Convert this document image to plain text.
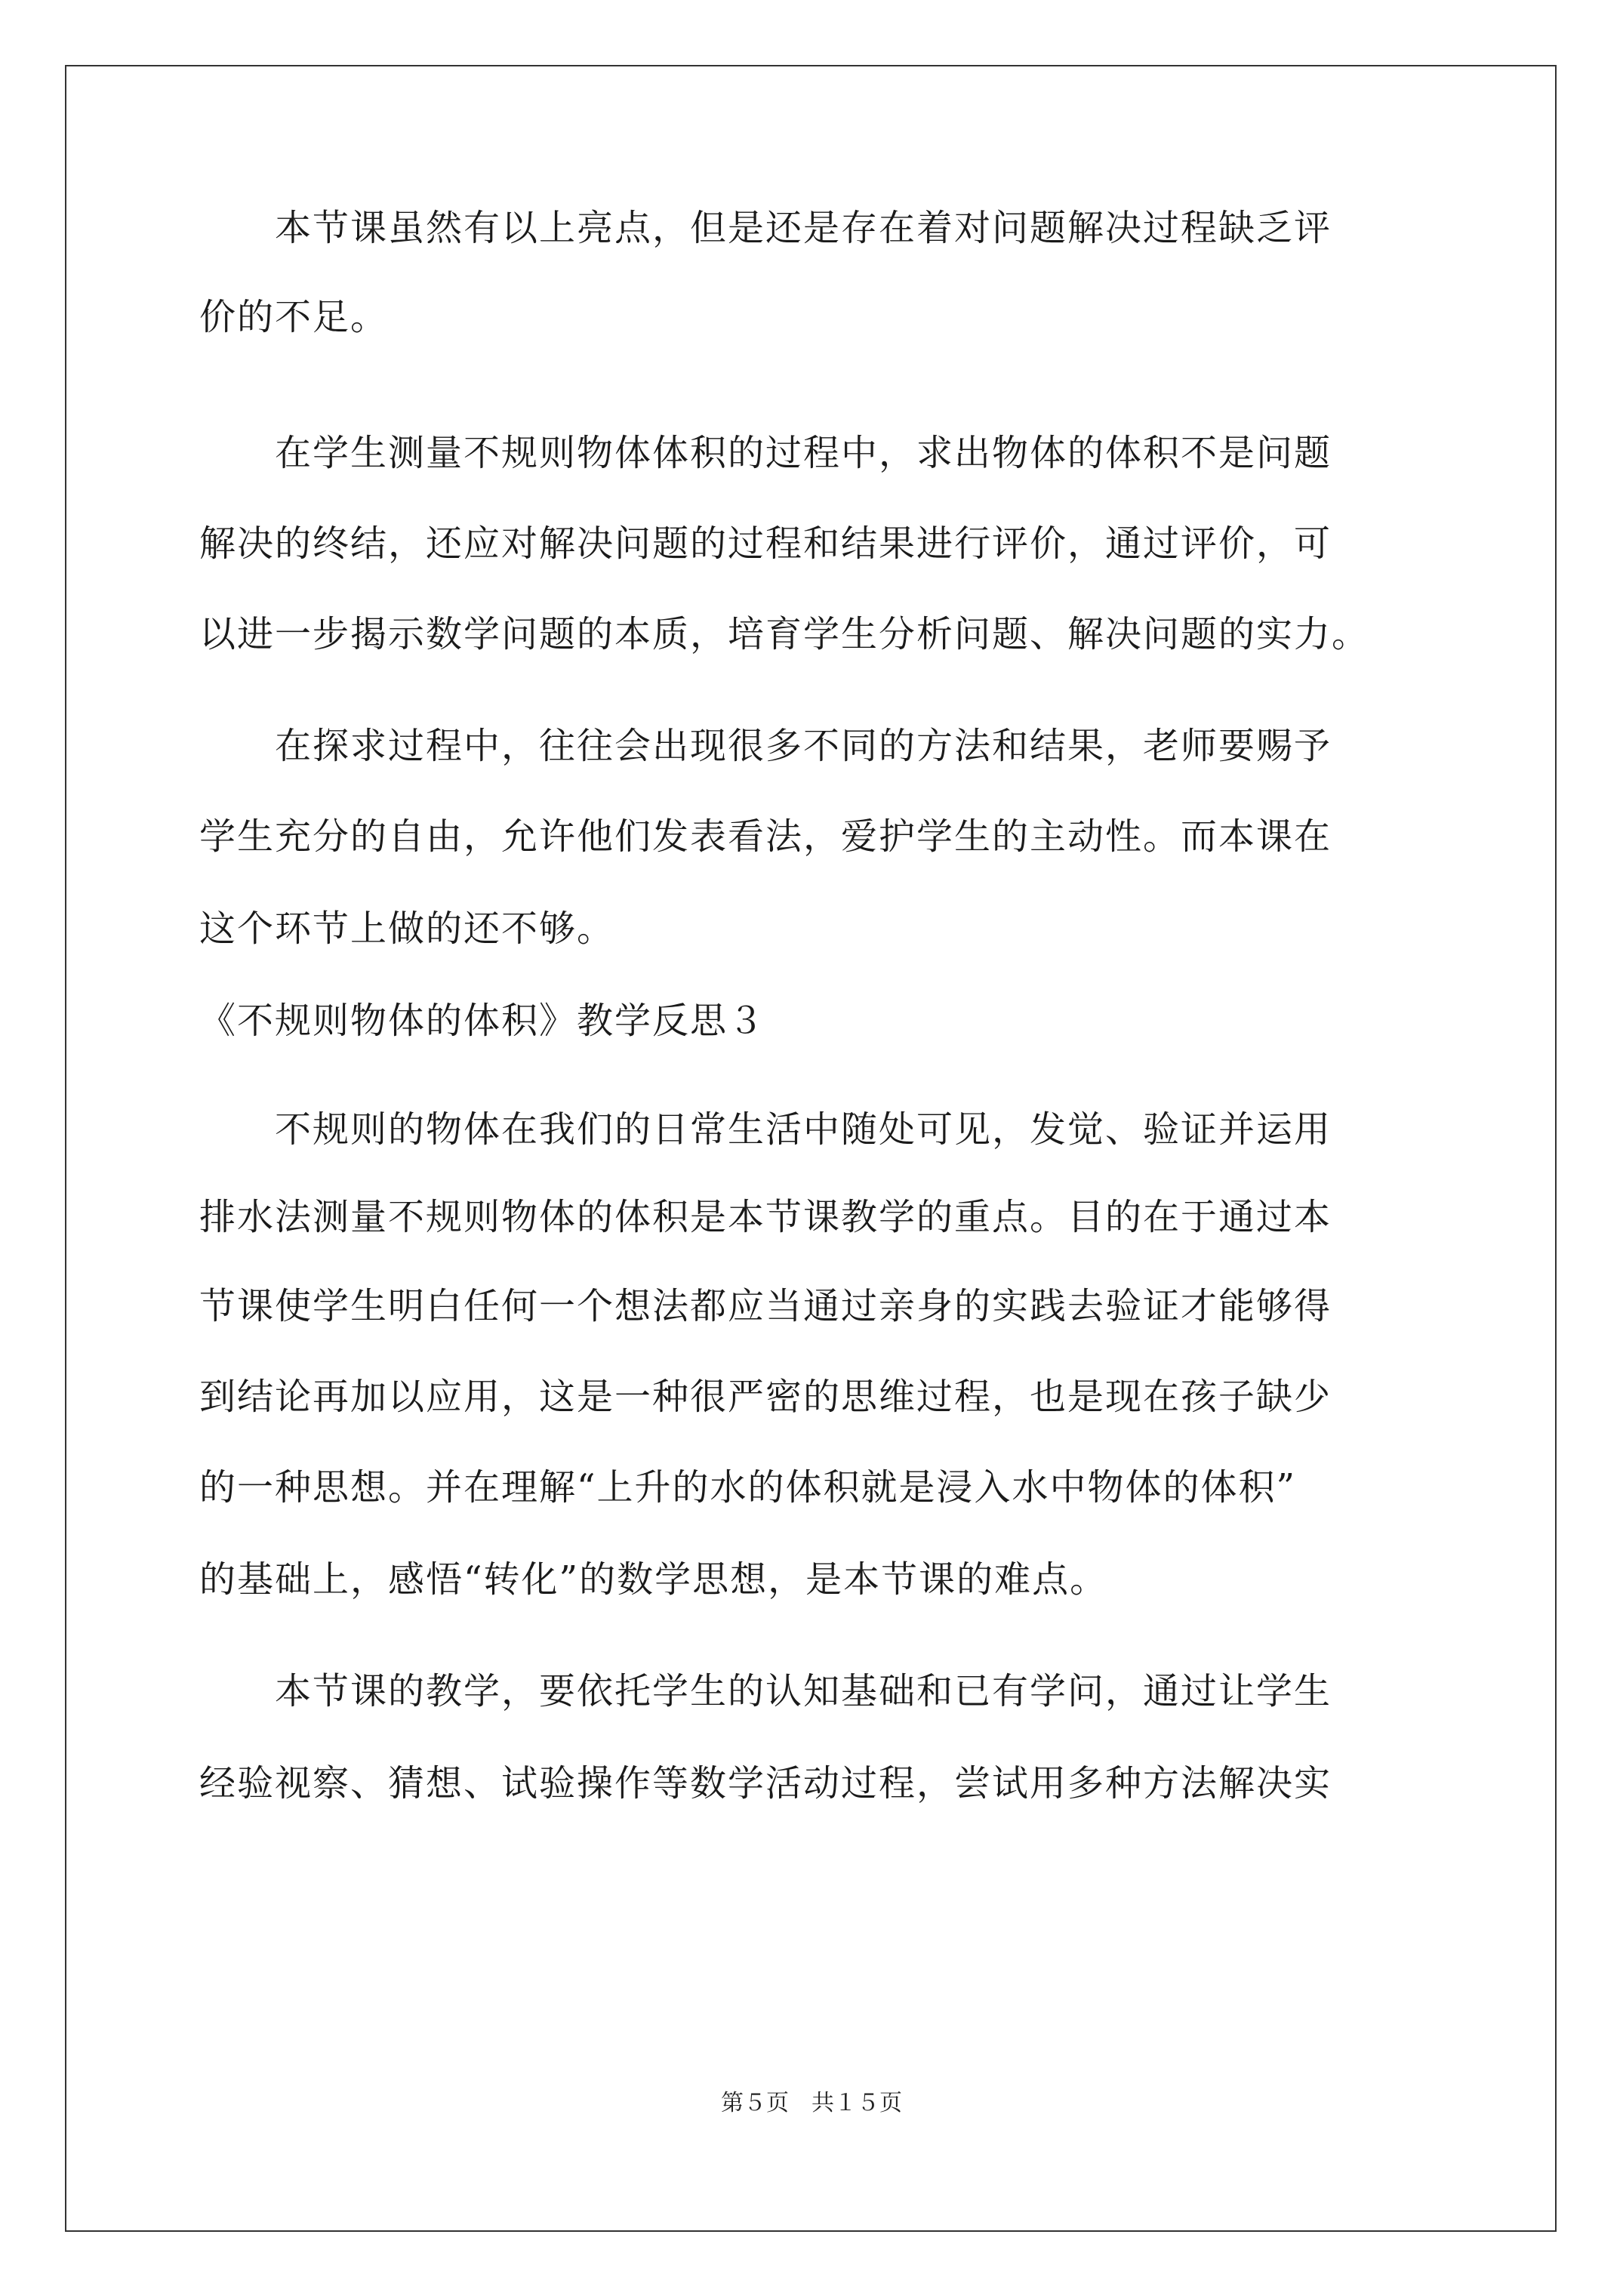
　　本节课虽然有以上亮点，但是还是存在着对问题解决过程缺乏评
价的不足。
　　在学生测量不规则物体体积的过程中，求出物体的体积不是问题
解决的终结，还应对解决问题的过程和结果进行评价，通过评价，可
以进一步揭示数学问题的本质，培育学生分析问题、解决问题的实力。
　　在探求过程中，往往会出现很多不同的方法和结果，老师要赐予
学生充分的自由，允许他们发表看法，爱护学生的主动性。而本课在
这个环节上做的还不够。
《不规则物体的体积》教学反思３
　　不规则的物体在我们的日常生活中随处可见，发觉、验证并运用
排水法测量不规则物体的体积是本节课教学的重点。目的在于通过本
节课使学生明白任何一个想法都应当通过亲身的实践去验证才能够得
到结论再加以应用，这是一种很严密的思维过程，也是现在孩子缺少
的一种思想。并在理解“上升的水的体积就是浸入水中物体的体积”
的基础上，感悟“转化”的数学思想，是本节课的难点。
　　本节课的教学，要依托学生的认知基础和已有学问，通过让学生
经验视察、猜想、试验操作等数学活动过程，尝试用多种方法解决实
第５页　共１５页
